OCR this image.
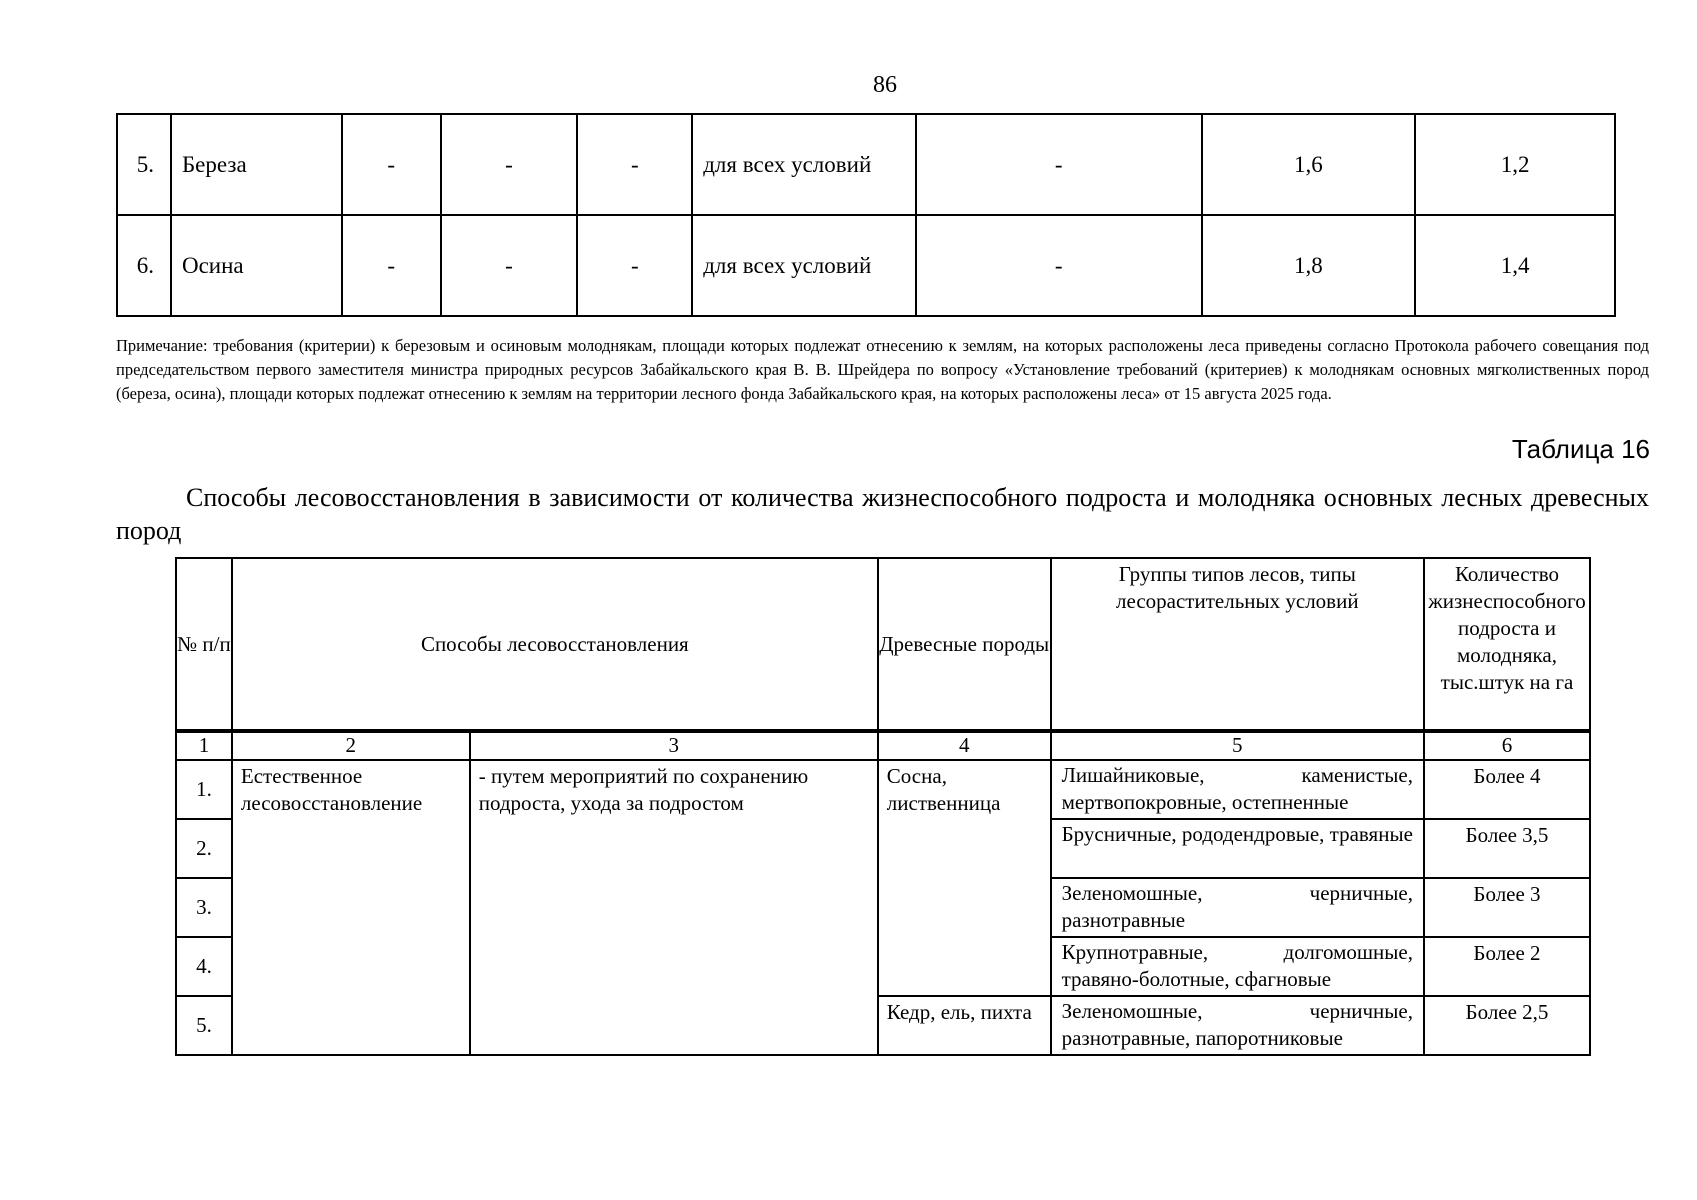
86
5.	Береза	-	-	-	для всех условий	-	1,6	1,2
6.	Осина	-	-	-	для всех условий	-	1,8	1,4
Примечание: требования (критерии) к березовым и осиновым молоднякам, площади которых подлежат отнесению к землям, на которых расположены леса приведены согласно Протокола рабочего совещания под председательством первого заместителя министра природных ресурсов Забайкальского края В. В. Шрейдера по вопросу «Установление требований (критериев) к молоднякам основных мягколиственных пород (береза, осина), площади которых подлежат отнесению к землям на территории лесного фонда Забайкальского края, на которых расположены леса» от 15 августа 2025 года.
Таблица 16
Способы лесовосстановления в зависимости от количества жизнеспособного подроста и молодняка основных лесных древесных пород
№ п/п	Способы лесовосстановления		Древесные породы	Группы типов лесов, типы лесорастительных условий	Количество жизнеспособного подроста и молодняка, тыс.штук на га
1	2	3	4	5	6
1.	Естественное лесовосстановление	- путем мероприятий по сохранению подроста, ухода за подростом	Сосна, лиственница	Лишайниковые, каменистые, мертвопокровные, остепненные	Более 4
2.				Брусничные, рододендровые, травяные	Более 3,5
3.				Зеленомошные, черничные, разнотравные	Более 3
4.				Крупнотравные, долгомошные, травяно-болотные, сфагновые	Более 2
5.			Кедр, ель, пихта	Зеленомошные, черничные, разнотравные, папоротниковые	Более 2,5
